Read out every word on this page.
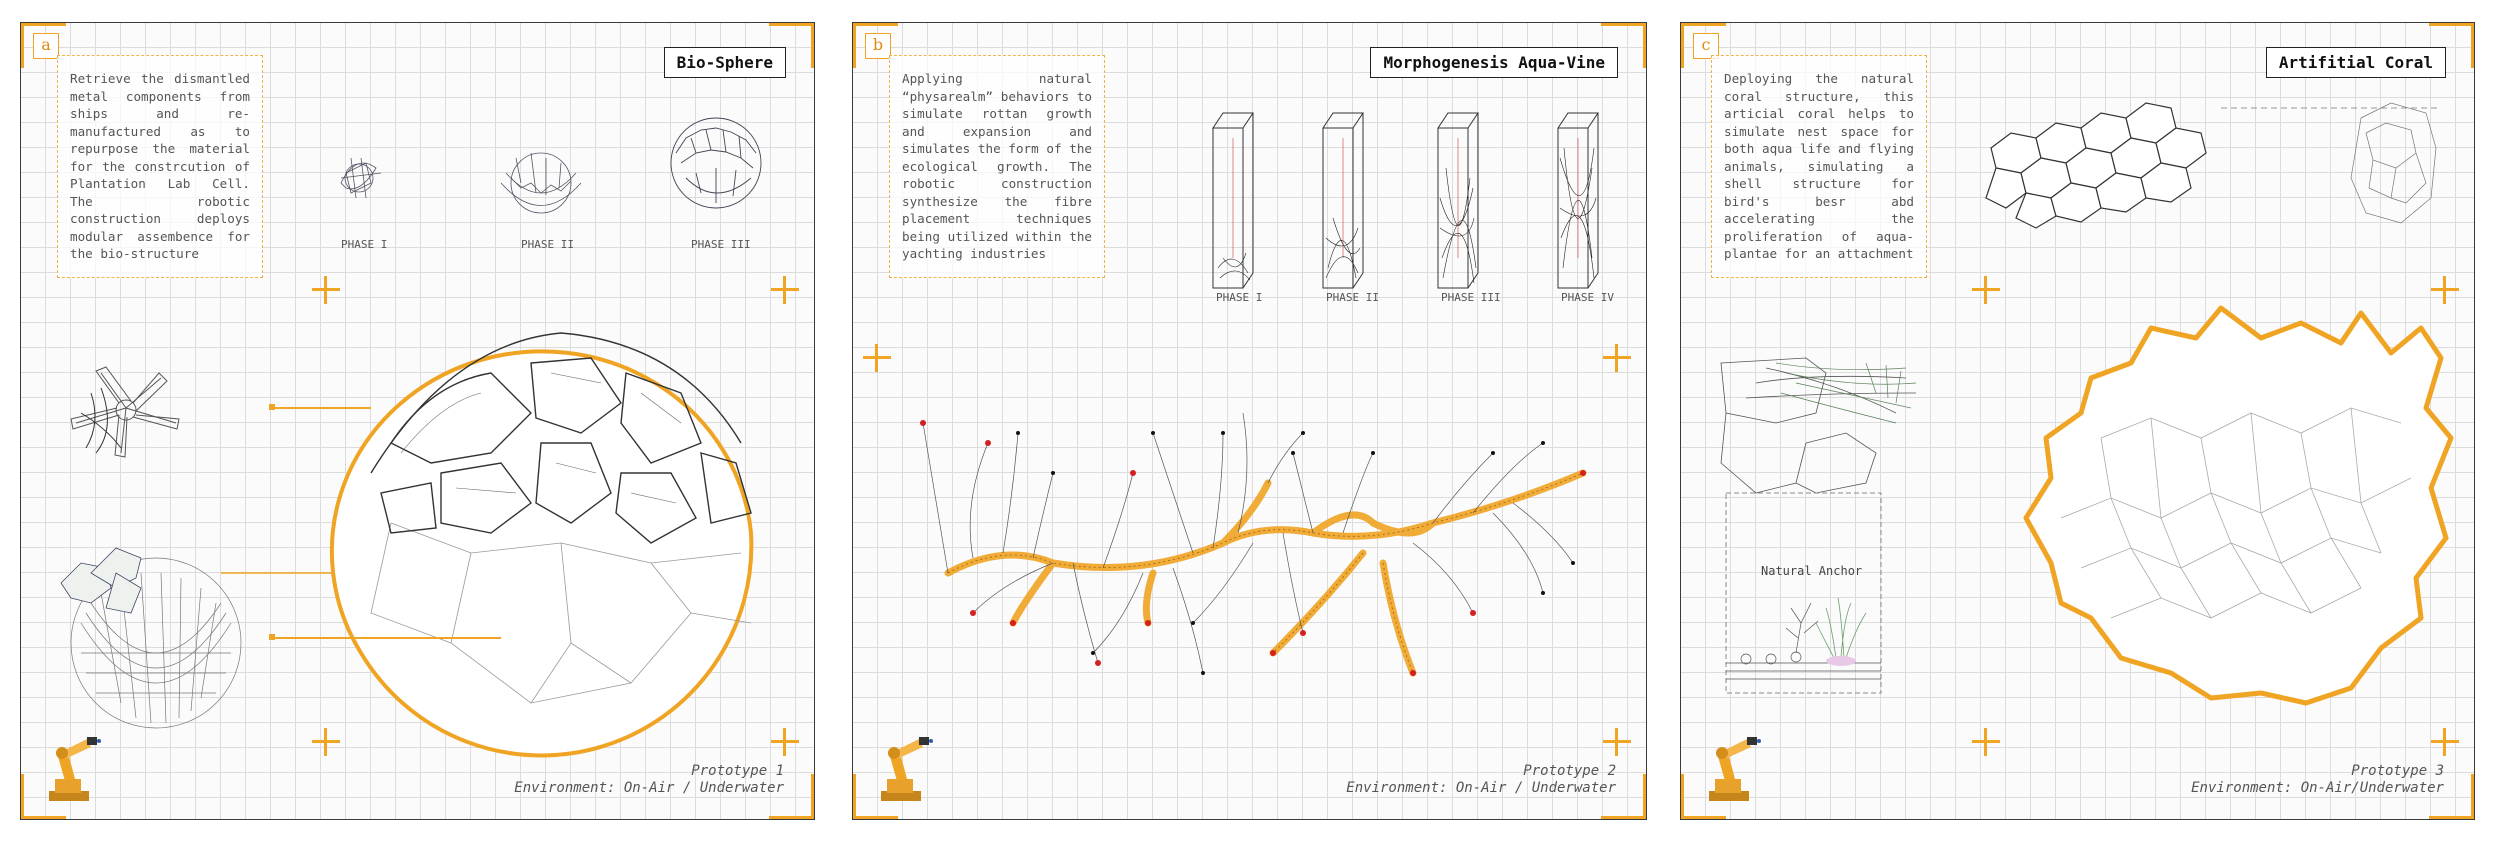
a
Bio-Sphere
Retrieve the dismantled metal components from ships and re-manufactured as to repurpose the material for the constrcution of Plantation Lab Cell. The robotic construction deploys modular assembence for the bio-structure
PHASE I	PHASE II	PHASE III
Prototype 1
Environment: On-Air / Underwater
b
Morphogenesis Aqua-Vine
Applying natural “physarealm” behaviors to simulate rottan growth and expansion and simulates the form of the ecological growth. The robotic construction synthesize the fibre placement techniques being utilized within the yachting industries
PHASE I	PHASE II	PHASE III	PHASE IV
Prototype 2
Environment: On-Air / Underwater
c
Artifitial Coral
Deploying the natural coral structure, this articial coral helps to simulate nest space for both aqua life and flying animals, simulating a shell structure for bird's besr abd accelerating the proliferation of aqua-plantae for an attachment
Natural Anchor
Prototype 3
Environment: On-Air/Underwater
